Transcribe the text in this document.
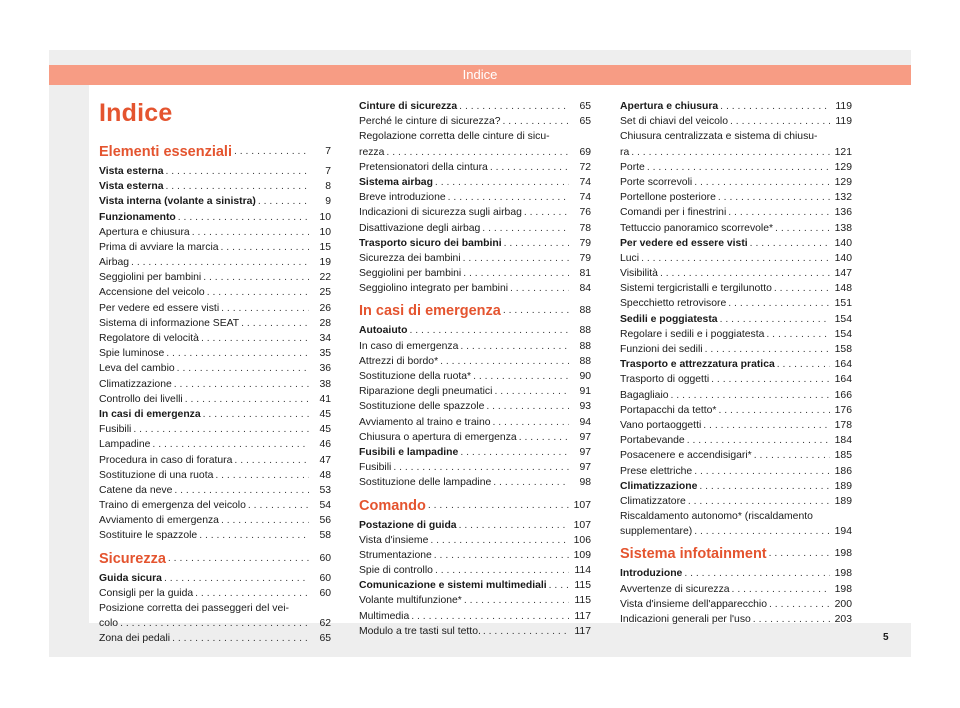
Indice
Indice
Elementi essenziali . . .	7
Vista esterna . . .	7
Vista esterna . . .	8
Vista interna (volante a sinistra) . . .	9
Funzionamento . . .	10
Apertura e chiusura . . .	10
Prima di avviare la marcia . . .	15
Airbag . . .	19
Seggiolini per bambini . . .	22
Accensione del veicolo . . .	25
Per vedere ed essere visti . . .	26
Sistema di informazione SEAT . . .	28
Regolatore di velocità . . .	34
Spie luminose . . .	35
Leva del cambio . . .	36
Climatizzazione . . .	38
Controllo dei livelli . . .	41
In casi di emergenza . . .	45
Fusibili . . .	45
Lampadine . . .	46
Procedura in caso di foratura . . .	47
Sostituzione di una ruota . . .	48
Catene da neve . . .	53
Traino di emergenza del veicolo . . .	54
Avviamento di emergenza . . .	56
Sostituire le spazzole . . .	58
Sicurezza . . .	60
Guida sicura . . .	60
Consigli per la guida . . .	60
Posizione corretta dei passeggeri del vei-
colo . . .	62
Zona dei pedali . . .	65
Cinture di sicurezza . . .	65
Perché le cinture di sicurezza? . . .	65
Regolazione corretta delle cinture di sicu-
rezza . . .	69
Pretensionatori della cintura . . .	72
Sistema airbag . . .	74
Breve introduzione . . .	74
Indicazioni di sicurezza sugli airbag . . .	76
Disattivazione degli airbag . . .	78
Trasporto sicuro dei bambini . . .	79
Sicurezza dei bambini . . .	79
Seggiolini per bambini . . .	81
Seggiolino integrato per bambini . . .	84
In casi di emergenza . . .	88
Autoaiuto . . .	88
In caso di emergenza . . .	88
Attrezzi di bordo* . . .	88
Sostituzione della ruota* . . .	90
Riparazione degli pneumatici . . .	91
Sostituzione delle spazzole . . .	93
Avviamento al traino e traino . . .	94
Chiusura o apertura di emergenza . . .	97
Fusibili e lampadine . . .	97
Fusibili . . .	97
Sostituzione delle lampadine . . .	98
Comando . . .	107
Postazione di guida . . .	107
Vista d'insieme . . .	106
Strumentazione . . .	109
Spie di controllo . . .	114
Comunicazione e sistemi multimediali . . .	115
Volante multifunzione* . . .	115
Multimedia . . .	117
Modulo a tre tasti sul tetto. . . .	117
Apertura e chiusura . . .	119
Set di chiavi del veicolo . . .	119
Chiusura centralizzata e sistema di chiusu-
ra . . .	121
Porte . . .	129
Porte scorrevoli . . .	129
Portellone posteriore . . .	132
Comandi per i finestrini . . .	136
Tettuccio panoramico scorrevole* . . .	138
Per vedere ed essere visti . . .	140
Luci . . .	140
Visibilità . . .	147
Sistemi tergicristalli e tergilunotto . . .	148
Specchietto retrovisore . . .	151
Sedili e poggiatesta . . .	154
Regolare i sedili e i poggiatesta . . .	154
Funzioni dei sedili . . .	158
Trasporto e attrezzatura pratica . . .	164
Trasporto di oggetti . . .	164
Bagagliaio . . .	166
Portapacchi da tetto* . . .	176
Vano portaoggetti . . .	178
Portabevande . . .	184
Posacenere e accendisigari* . . .	185
Prese elettriche . . .	186
Climatizzazione . . .	189
Climatizzatore . . .	189
Riscaldamento autonomo* (riscaldamento
supplementare) . . .	194
Sistema infotainment . . .	198
Introduzione . . .	198
Avvertenze di sicurezza . . .	198
Vista d'insieme dell'apparecchio . . .	200
Indicazioni generali per l'uso . . .	203
5
